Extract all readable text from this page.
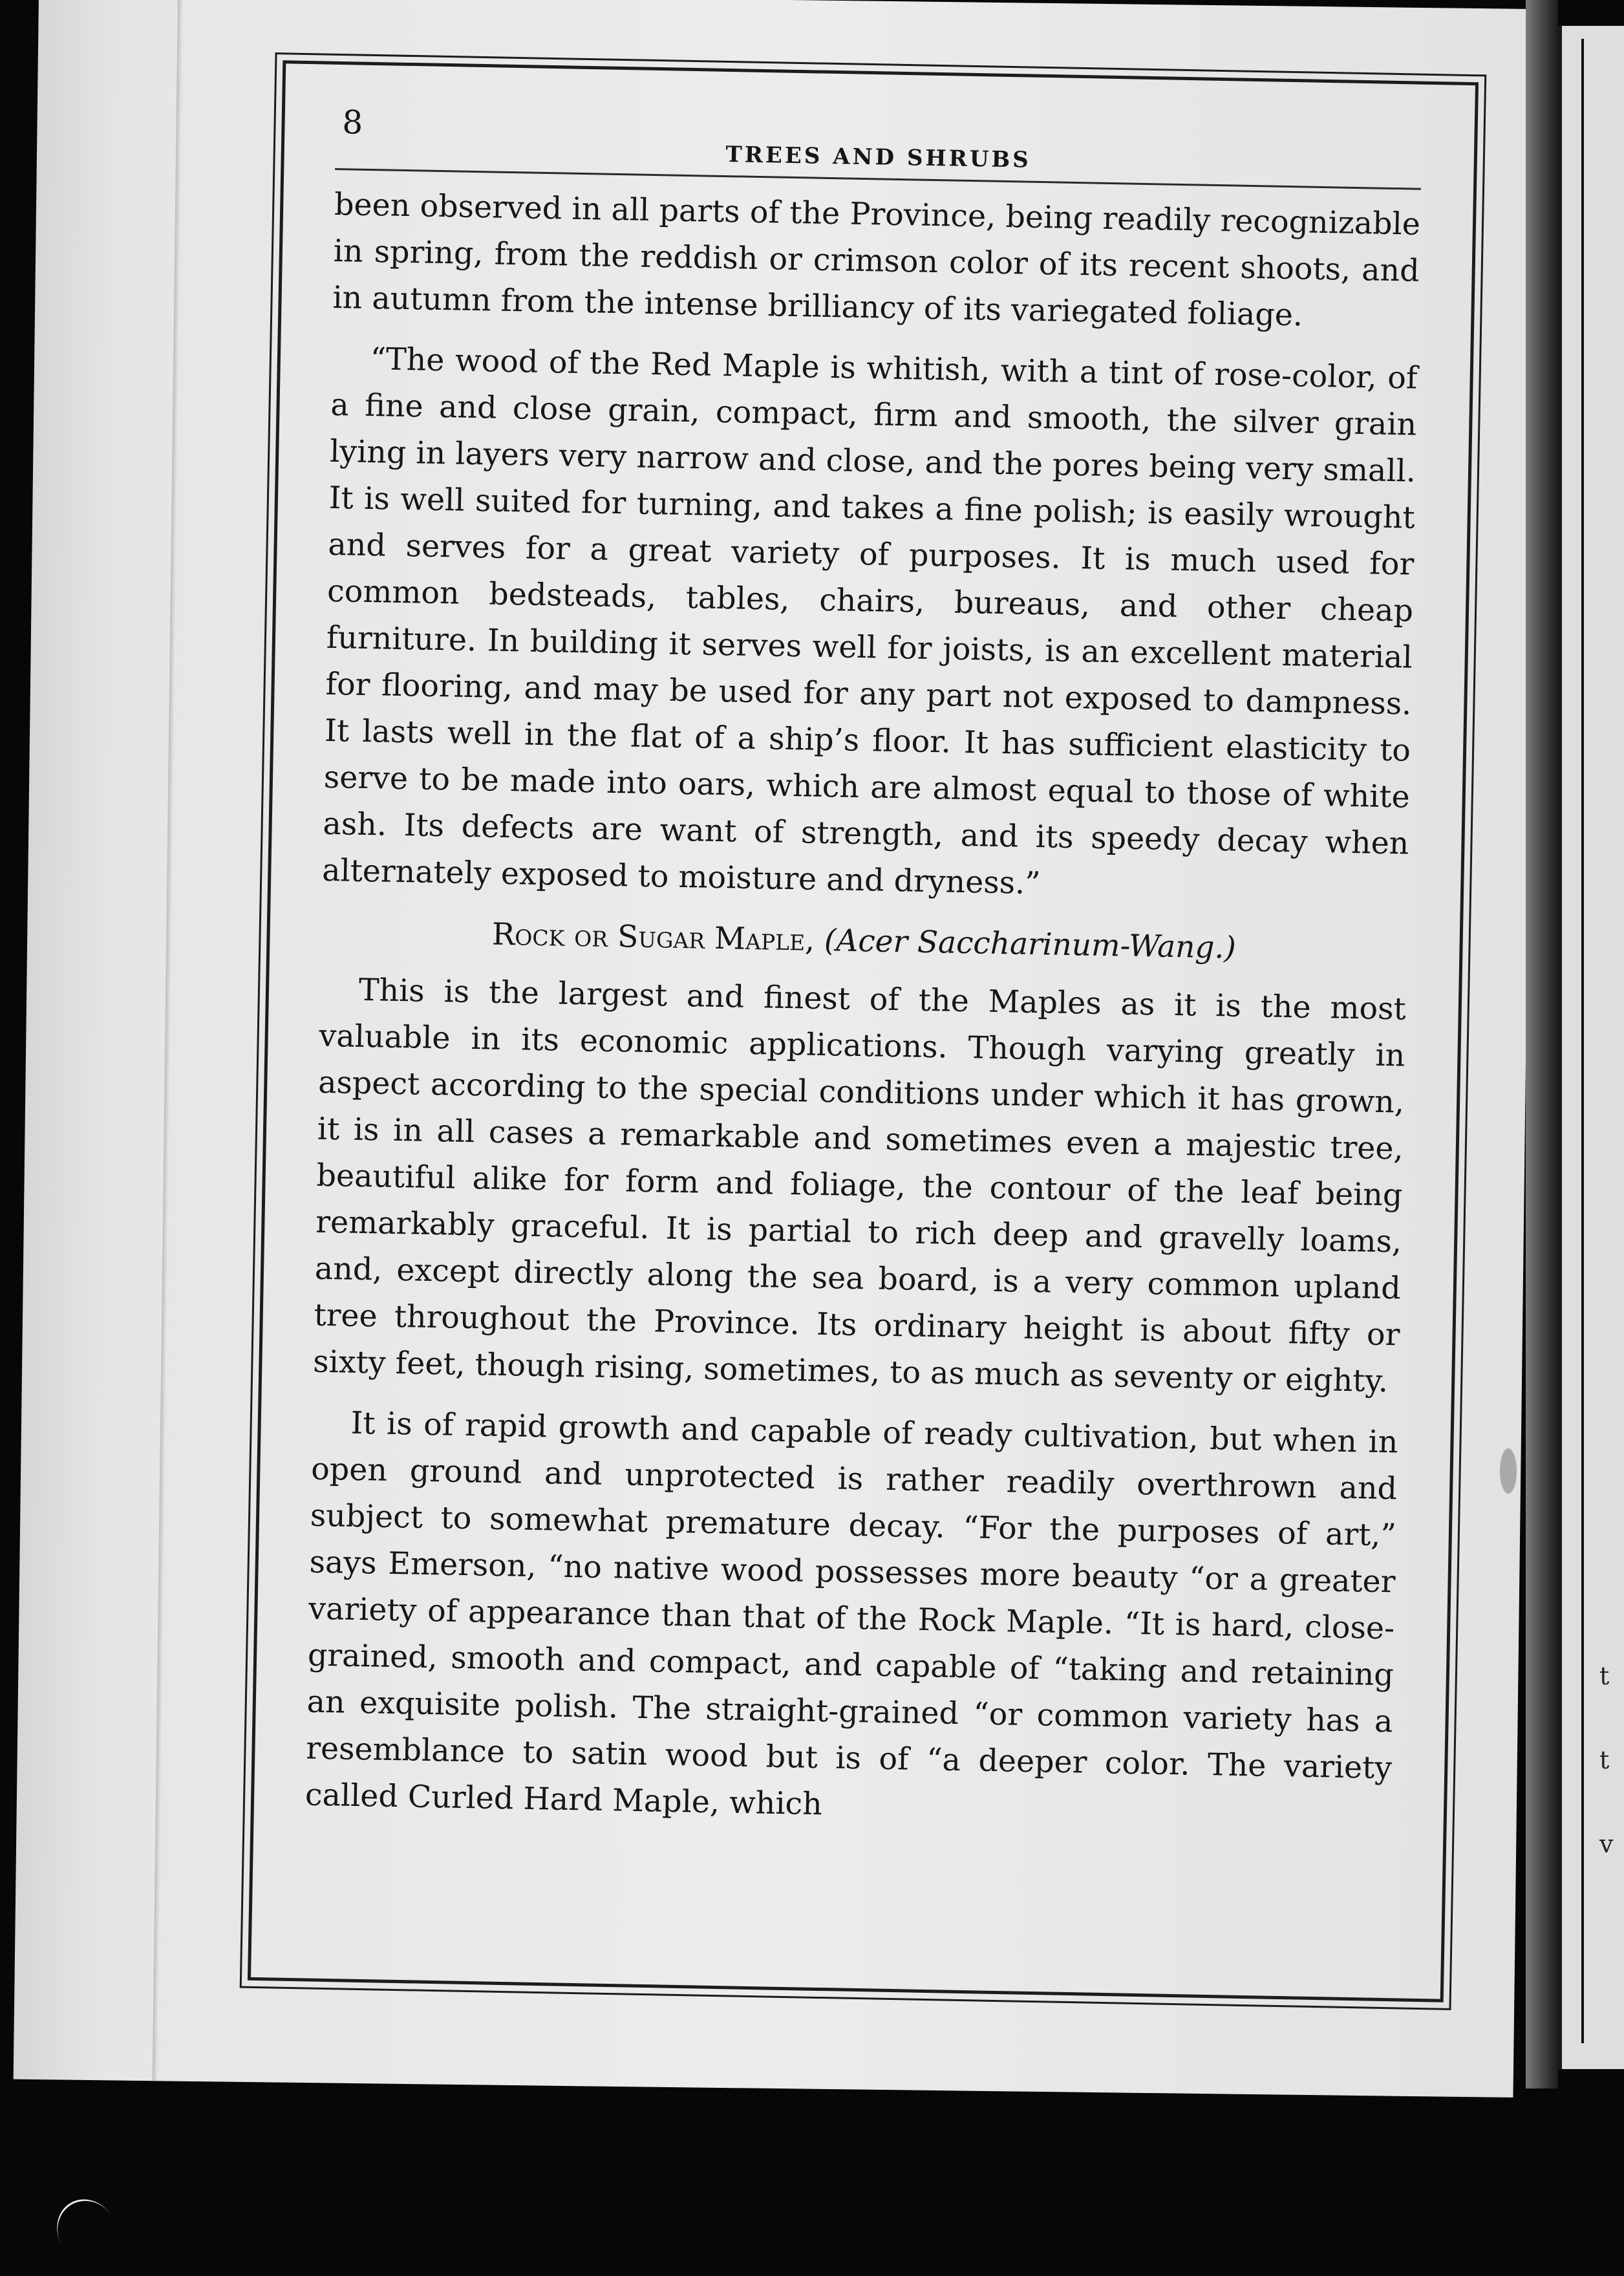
t
t
v
8
TREES AND SHRUBS

been observed in all parts of the Province, being readily recognizable in spring, from the reddish or crimson color of its recent shoots, and in autumn from the intense brilliancy of its variegated foliage.

“The wood of the Red Maple is whitish, with a tint of rose-color, of a fine and close grain, compact, firm and smooth, the silver grain lying in layers very narrow and close, and the pores being very small. It is well suited for turning, and takes a fine polish; is easily wrought and serves for a great variety of purposes. It is much used for common bedsteads, tables, chairs, bureaus, and other cheap furniture. In building it serves well for joists, is an excellent material for flooring, and may be used for any part not exposed to dampness. It lasts well in the flat of a ship’s floor. It has sufficient elasticity to serve to be made into oars, which are almost equal to those of white ash. Its defects are want of strength, and its speedy decay when alternately exposed to moisture and dryness.”

Rock or Sugar Maple, (Acer Saccharinum-Wang.)

This is the largest and finest of the Maples as it is the most valuable in its economic applications. Though varying greatly in aspect according to the special conditions under which it has grown, it is in all cases a remarkable and sometimes even a majestic tree, beautiful alike for form and foliage, the contour of the leaf being remarkably graceful. It is partial to rich deep and gravelly loams, and, except directly along the sea board, is a very common upland tree throughout the Province. Its ordinary height is about fifty or sixty feet, though rising, sometimes, to as much as seventy or eighty.

It is of rapid growth and capable of ready cultivation, but when in open ground and unprotected is rather readily overthrown and subject to somewhat premature decay. “For the purposes of art,” says Emerson, “no native wood possesses more beauty “or a greater variety of appearance than that of the Rock Maple. “It is hard, close-grained, smooth and compact, and capable of “taking and retaining an exquisite polish. The straight-grained “or common variety has a resemblance to satin wood but is of “a deeper color. The variety called Curled Hard Maple, which
